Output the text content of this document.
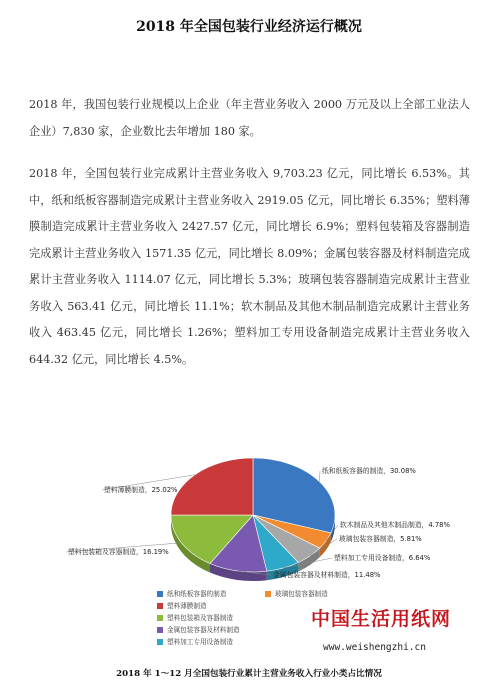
2018 年全国包装行业经济运行概况

2018 年，我国包装行业规模以上企业（年主营业务收入 2000 万元及以上全部工业法人企业）7,830 家，企业数比去年增加 180 家。

2018 年，全国包装行业完成累计主营业务收入 9,703.23 亿元，同比增长 6.53%。其中，纸和纸板容器制造完成累计主营业务收入 2919.05 亿元，同比增长 6.35%；塑料薄膜制造完成累计主营业务收入 2427.57 亿元，同比增长 6.9%；塑料包装箱及容器制造完成累计主营业务收入 1571.35 亿元，同比增长 8.09%；金属包装容器及材料制造完成累计主营业务收入 1114.07 亿元，同比增长 5.3%；玻璃包装容器制造完成累计主营业务收入 563.41 亿元，同比增长 11.1%；软木制品及其他木制品制造完成累计主营业务收入 463.45 亿元，同比增长 1.26%；塑料加工专用设备制造完成累计主营业务收入 644.32 亿元，同比增长 4.5%。

纸和纸板容器的制造，30.08%
软木制品及其他木制品制造，4.78%
玻璃包装容器制造，5.81%
塑料加工专用设备制造，6.64%
金属包装容器及材料制造，11.48%
塑料包装箱及容器制造，16.19%
塑料薄膜制造，25.02%
纸和纸板容器的制造	玻璃包装容器制造
塑料薄膜制造
塑料包装箱及容器制造
金属包装容器及材料制造
塑料加工专用设备制造
中国生活用纸网
www.weishengzhi.cn
2018 年 1～12 月全国包装行业累计主营业务收入行业小类占比情况
